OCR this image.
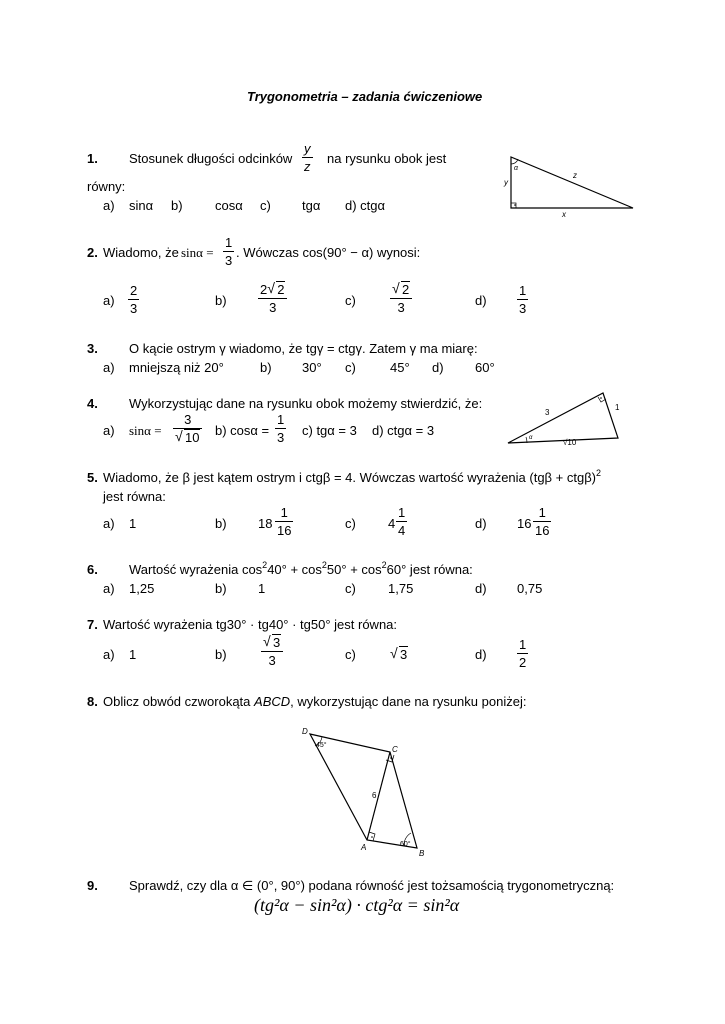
Trygonometria – zadania ćwiczeniowe
1. Stosunek długości odcinków
y
z
na rysunku obok jest
równy:
a) sinα b) cosα c) tgα d) ctgα
α
y
z
x
2. Wiadomo, że sinα =
1
3
. Wówczas cos(90° − α) wynosi:
a)
2
3
b)
2 √ 2
3	c)
√ 2
3	d)
1
3
3. O kącie ostrym γ wiadomo, że tgγ = ctgγ. Zatem γ ma miarę:
a) mniejszą niż 20°	b) 30° c)	45° d) 60°
4. Wykorzystując dane na rysunku obok możemy stwierdzić, że:
a) sinα =
3
√ 10 b) cosα =
1
3 c) tgα = 3 d) ctgα = 3	α
3
1
√10
5. Wiadomo, że β jest kątem ostrym i ctgβ = 4. Wówczas wartość wyrażenia $(tg\beta + ctg\beta)^2$
jest równa:
a) 1	b) 18
1
16	c) 4
1
4	d) 16
1
16
6. Wartość wyrażenia $\cos^240^\circ + \cos^250^\circ + \cos^260^\circ$ jest równa:
a) 1,25	b) 1	c) 1,75	d) 0,75
7. Wartość wyrażenia tg30° · tg40° · tg50° jest równa:
a) 1	b)
√ 3
3	c) √ 3	d)
1
2
8. Oblicz obwód czworokąta ABCD, wykorzystując dane na rysunku poniżej:
D
C
A
B
45°
60°
6
9. Sprawdź, czy dla α ∈ (0°, 90°) podana równość jest tożsamością trygonometryczną:
(tg²α − sin²α) · ctg²α = sin²α
